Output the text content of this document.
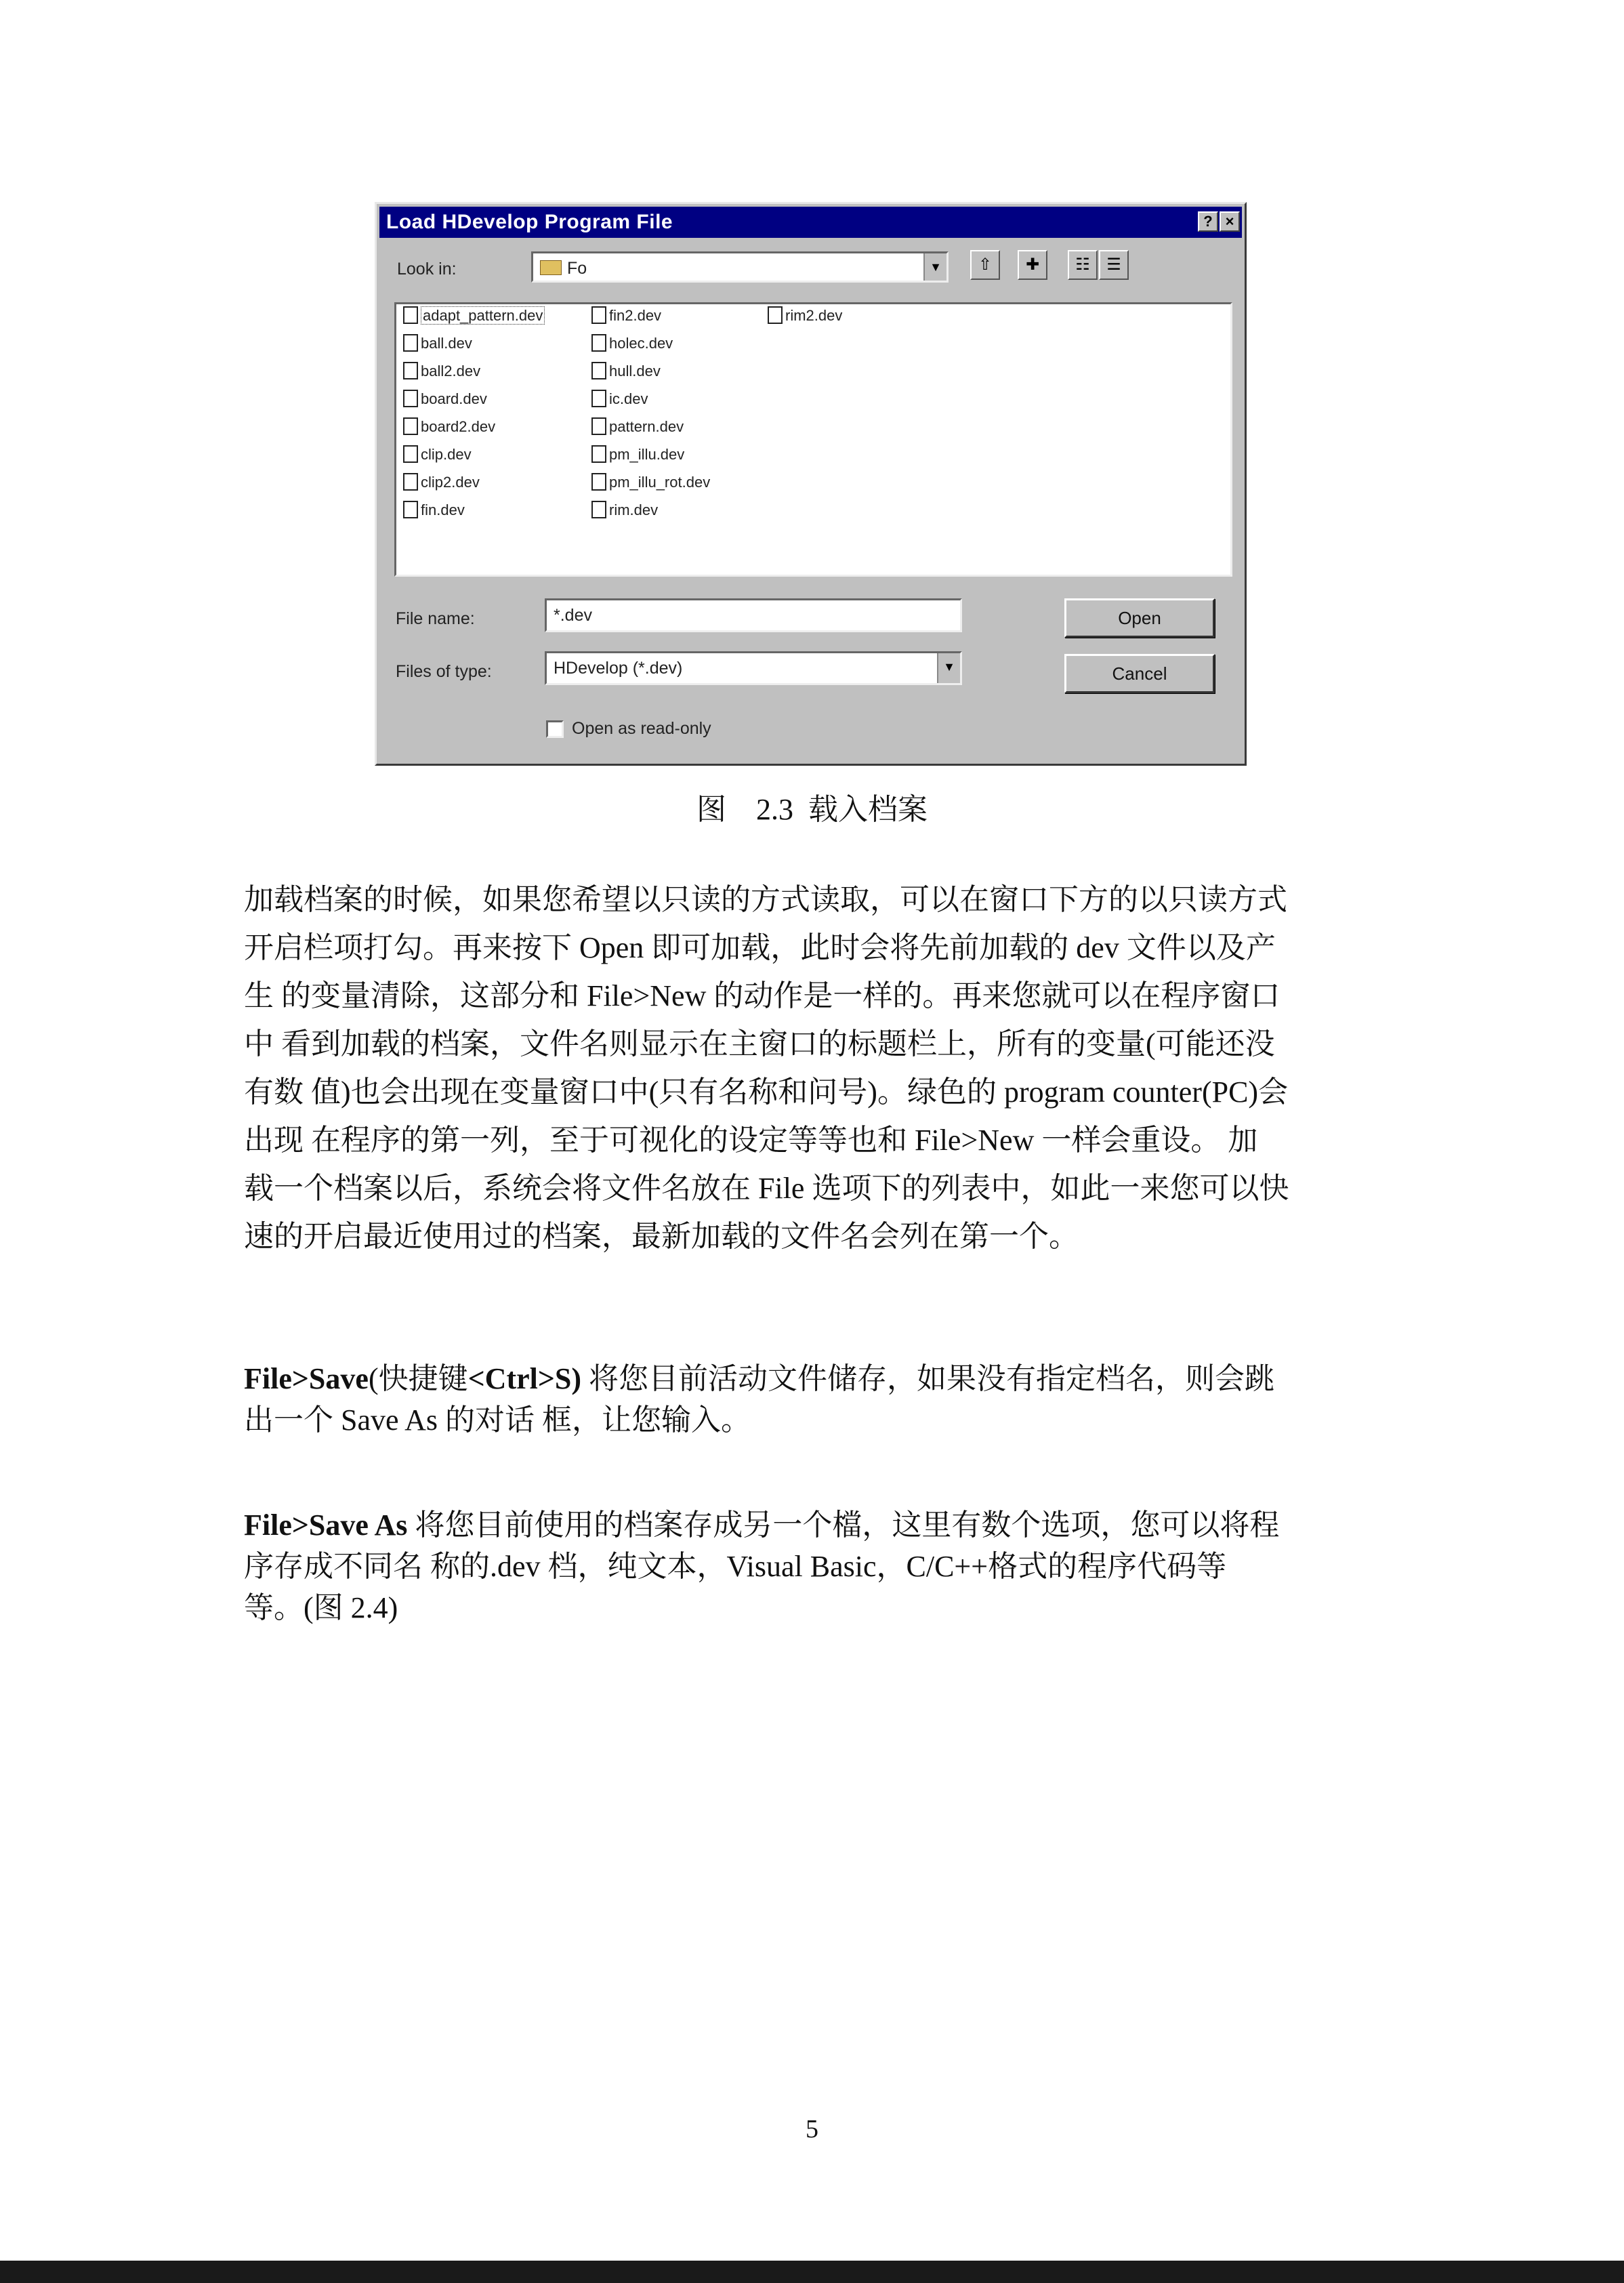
Load HDevelop Program File	? ×
Look in:	Fo	▼	⇧	✚	☷	☰
adapt_pattern.dev
ball.dev
ball2.dev
board.dev
board2.dev
clip.dev
clip2.dev
fin.dev
fin2.dev
holec.dev
hull.dev
ic.dev
pattern.dev
pm_illu.dev
pm_illu_rot.dev
rim.dev
rim2.dev
File name:	*.dev
Files of type:	HDevelop (*.dev)	▼
Open
Cancel
Open as read-only
图    2.3  载入档案
加载档案的时候，如果您希望以只读的方式读取，可以在窗口下方的以只读方式
开启栏项打勾。再来按下 Open 即可加载，此时会将先前加载的 dev 文件以及产
生 的变量清除，这部分和 File>New 的动作是一样的。再来您就可以在程序窗口
中 看到加载的档案，文件名则显示在主窗口的标题栏上，所有的变量(可能还没
有数 值)也会出现在变量窗口中(只有名称和问号)。绿色的 program counter(PC)会
出现 在程序的第一列，至于可视化的设定等等也和 File>New 一样会重设。 加
载一个档案以后，系统会将文件名放在 File 选项下的列表中，如此一来您可以快
速的开启最近使用过的档案，最新加载的文件名会列在第一个。
File>Save(快捷键<Ctrl>S) 将您目前活动文件储存，如果没有指定档名，则会跳
出一个 Save As 的对话 框，让您输入。
File>Save As 将您目前使用的档案存成另一个檔，这里有数个选项，您可以将程
序存成不同名 称的.dev 档，纯文本，Visual Basic，C/C++格式的程序代码等
等。(图 2.4)
5
